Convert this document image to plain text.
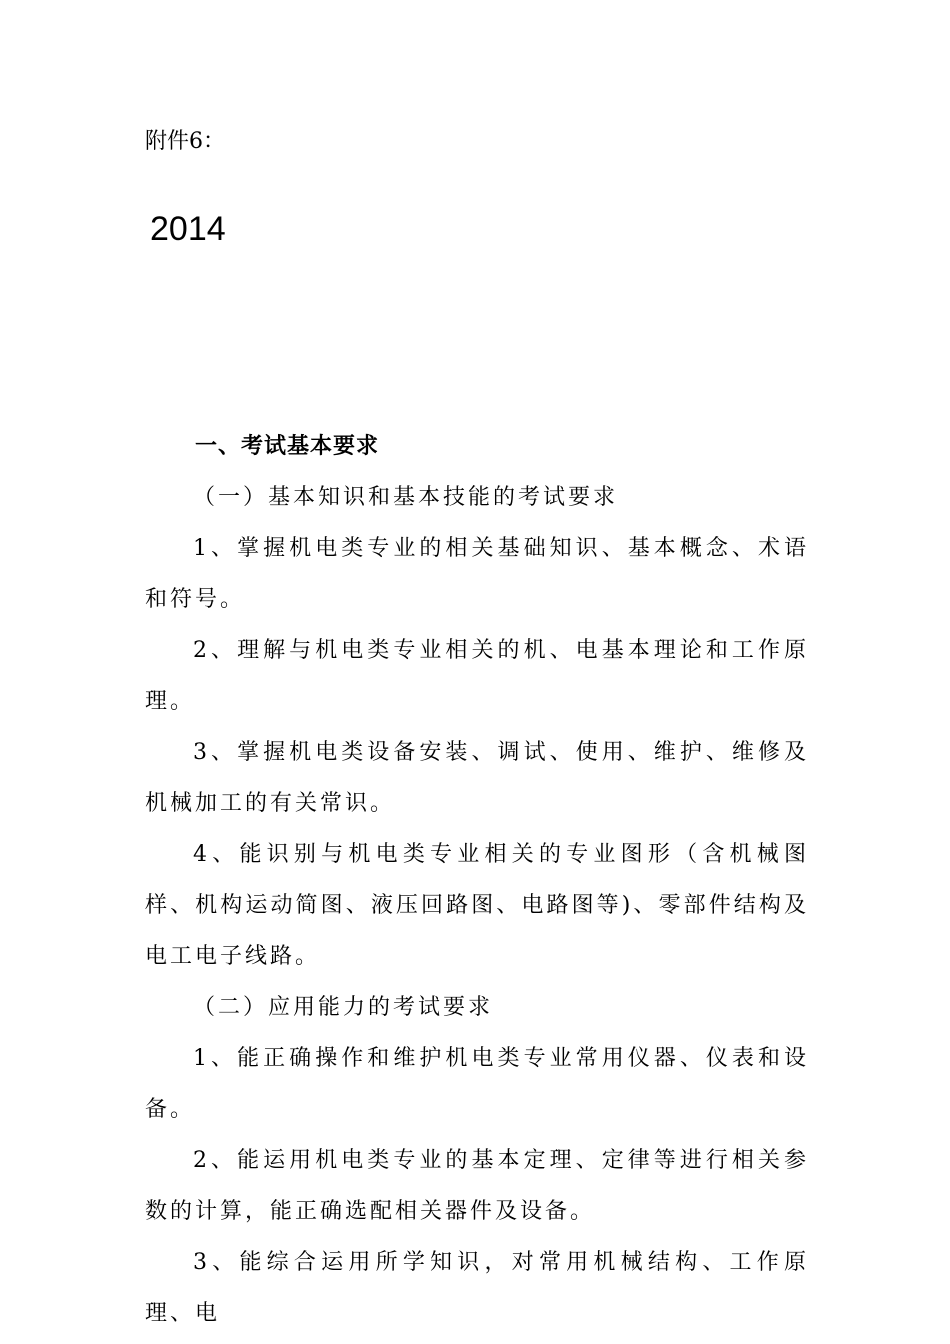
附件6：
2014

一、考试基本要求

（一）基本知识和基本技能的考试要求

1、掌握机电类专业的相关基础知识、基本概念、术语和符号。

2、理解与机电类专业相关的机、电基本理论和工作原理。

3、掌握机电类设备安装、调试、使用、维护、维修及机械加工的有关常识。

4、能识别与机电类专业相关的专业图形（含机械图样、机构运动简图、液压回路图、电路图等)、零部件结构及电工电子线路。

（二）应用能力的考试要求

1、能正确操作和维护机电类专业常用仪器、仪表和设备。

2、能运用机电类专业的基本定理、定律等进行相关参数的计算，能正确选配相关器件及设备。

3、能综合运用所学知识，对常用机械结构、工作原理、电
